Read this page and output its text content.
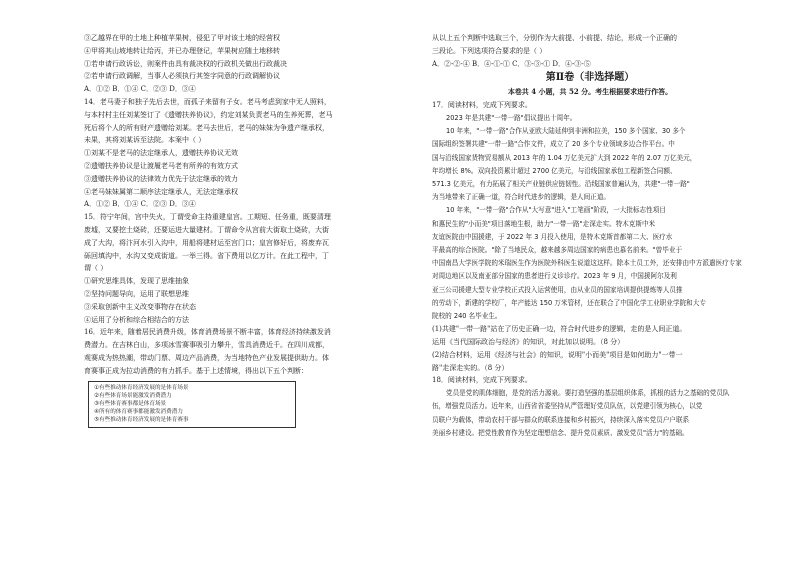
③乙越界在甲的土地上种植苹果树，侵犯了甲对该土地的经营权
④甲将其山坡地转让给丙，并已办理登记，苹果树应随土地移转
①若申请行政诉讼，则案件由具有裁决权的行政机关做出行政裁决
②若申请行政调解，当事人必须执行其签字同意的行政调解协议
A．①② B．①④ C．②③ D．③④
14．老马妻子和独子先后去世，而孤子来留有子女。老马考虑到家中无人照料，
与本村村主任刘某签订了《遗赠扶养协议》，约定刘某负责老马的生养死葬，老马
死后将个人的所有财产遗赠给刘某。老马去世后，老马的妹妹为争遗产继承权，
未果，其将刘某诉至法院。本案中（ ）
①刘某不是老马的法定继承人，遗赠扶养协议无效
②遗赠扶养协议是让渡履老马老有所养的有效方式
③遗赠扶养协议的法律效力优先于法定继承的效力
④老马妹妹属第二顺序法定继承人，无法定继承权
A．①② B．①④ C．②③ D．③④
15．符宁年间，宫中失火，丁谓受命主持重建皇宫。工期短、任务重，既要清理
废墟，又要挖土烧砖，还要运进大量建材。丁谓命令从宫前大街取土烧砖，大街
成了大沟，将汴河水引入沟中，用船将建材运至宫门口；皇宫修好后，将废弃瓦
砾回填沟中，水沟又变成街道。一举三得。省下费用以亿万计。在此工程中，丁
谓（ ）
①研究思维具体，发现了思维抽象
②坚持问题导向，运用了联想思维
③采取创新中主义改变事物存在状态
④运用了分析和综合相结合的方法
16．近年来，随着居民消费升级，体育消费场景不断丰富，体育经济持续激发消
费潜力。在吉林白山，多项冰雪赛事吸引力攀升，雪具消费近千。在四川成都，
观赛成为热热潮，带动门票、周边产品消费，为当地特色产业发展提供助力。体
育赛事正成为拉动消费的有力抓手。基于上述情境，得出以下五个判断：
①有些推动体育经济发展的是体育场景
②有些体育场景能激发消费潜力
③有些体育赛事都是体育场景
④所有的体育赛事都能激发消费潜力
⑤有些推动体育经济发展的是体育赛事
从以上五个判断中选取三个，分别作为大前提、小前提、结论，形成一个正确的
三段论。下列选项符合要求的是（ ）
A．②-②-④ B．④-①-① C．③-③-① D．④-③-⑤
第Ⅱ卷（非选择题）
本卷共 4 小题，共 52 分。考生根据要求进行作答。
17．阅读材料，完成下列要求。
2023 年是共建"一带一路"倡议提出十周年。
10 年来，"一带一路"合作从亚欧大陆延伸到非洲和拉美，150 多个国家、30 多个
国际组织签署共建"一带一路"合作文件，成立了 20 多个专业领域多边合作平台。中
国与沿线国家货物贸易额从 2013 年的 1.04 万亿美元扩大到 2022 年的 2.07 万亿美元，
年均增长 8%。双向投资累计超过 2700 亿美元，与沿线国家承包工程新签合同额、
571.3 亿美元，有力拓展了相关产业链供应链韧性。沿线国家普遍认为，共建"一带一路"
为当地带来了正确一道，符合时代进步的逻辑，是人间正道。
10 年来，"一带一路"合作从"大写意"进入"工笔画"阶段，一大批标志性项目
和惠民生的"小而美"项目落地生根，助力"一带一路"走深走实。特木克斯中米
友谊医院由中国援建，于 2022 年 3 月投入使用，是特木克斯首都第二大、医疗水
平最高的综合医院。"除了当地民众，越来越多周边国家的病患也慕名前来。"曾毕业于
中国南昌大学医学院的米瑞医生作为医院外科医生说道这这样。除本土员工外，还安排由中方派遣医疗专家
对周边地区以及南亚部分国家的患者进行义诊诊疗。2023 年 9 月，中国援阿尔及利
亚三公司援建大型专业学校正式投入运营使用，由从业员的国家培训提供提炼等人员推
的劳动下，新建的学校厂，年产能达 150 万米管材，还在联合了中国化学工业职业学院和大专
院校的 240 名毕业生。
(1)共建"一带一路"站在了历史正确一边，符合时代进步的逻辑，走的是人间正道。
运用《当代国际政治与经济》的知识，对此加以说明。（8 分）
(2)结合材料，运用《经济与社会》的知识，说明"小而美"项目是如何助力"一带一
路"走深走实的。（8 分）
18．阅读材料，完成下列要求。
党员是党的肌体细胞，是党的活力源泉。要打造坚强的基层组织体系，抓根的活力之基础的党员队
伍，增强党员活力。近年来，山西省省委坚持从严管理好党员队伍，以党建引领为核心，以党
员联户为载体，带动农村干部与群众的联系连接和乡村振兴，持续深入落实党员户户联系
美丽乡村建设。把党性教育作为坚定理想信念、提升党员素质、激发党员"活力"的基础。
